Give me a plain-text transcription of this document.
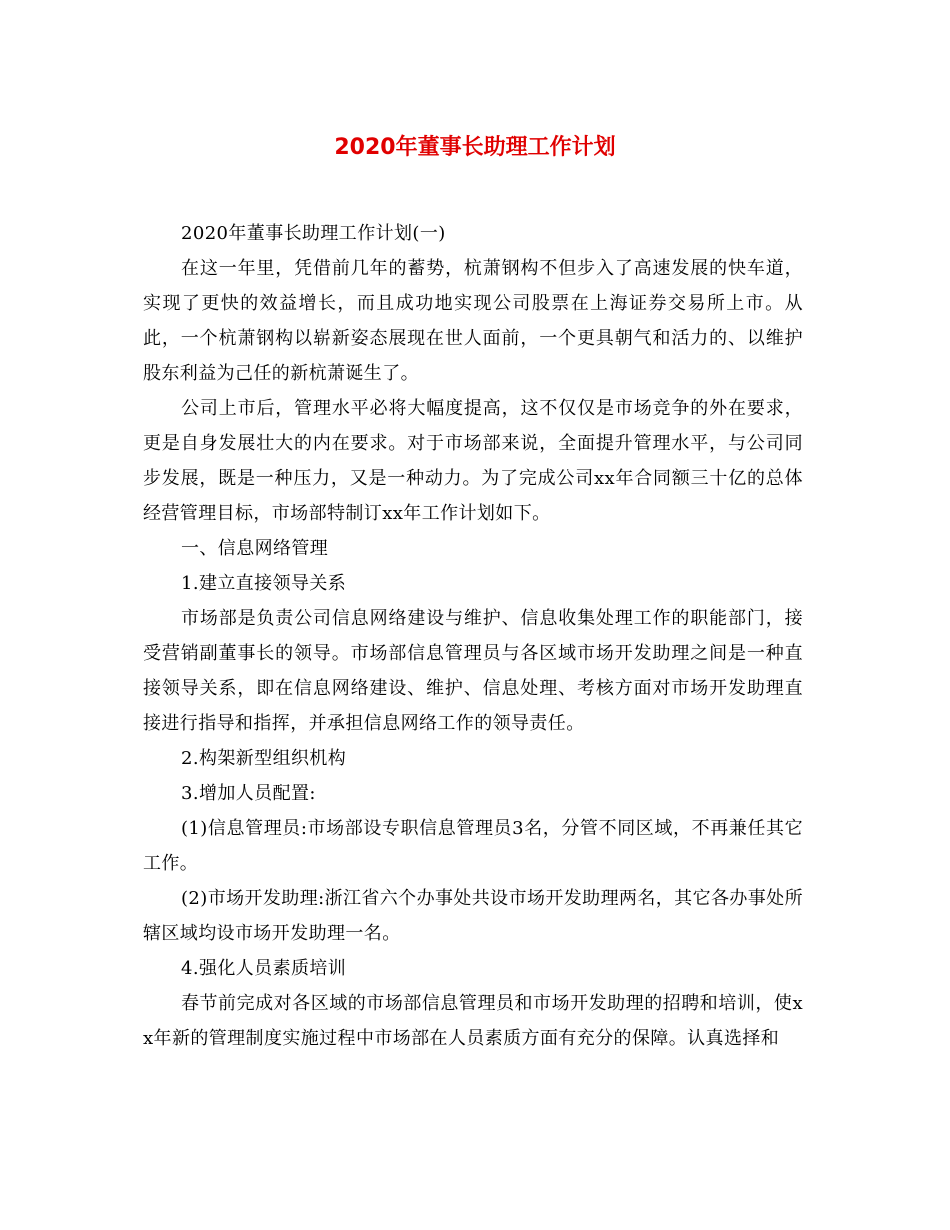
2020年董事长助理工作计划

2020年董事长助理工作计划(一)

在这一年里，凭借前几年的蓄势，杭萧钢构不但步入了高速发展的快车道，实现了更快的效益增长，而且成功地实现公司股票在上海证券交易所上市。从此，一个杭萧钢构以崭新姿态展现在世人面前，一个更具朝气和活力的、以维护股东利益为己任的新杭萧诞生了。

公司上市后，管理水平必将大幅度提高，这不仅仅是市场竞争的外在要求，更是自身发展壮大的内在要求。对于市场部来说，全面提升管理水平，与公司同步发展，既是一种压力，又是一种动力。为了完成公司xx年合同额三十亿的总体经营管理目标，市场部特制订xx年工作计划如下。

一、信息网络管理

1.建立直接领导关系

市场部是负责公司信息网络建设与维护、信息收集处理工作的职能部门，接受营销副董事长的领导。市场部信息管理员与各区域市场开发助理之间是一种直接领导关系，即在信息网络建设、维护、信息处理、考核方面对市场开发助理直接进行指导和指挥，并承担信息网络工作的领导责任。

2.构架新型组织机构

3.增加人员配置:

(1)信息管理员:市场部设专职信息管理员3名，分管不同区域，不再兼任其它工作。

(2)市场开发助理:浙江省六个办事处共设市场开发助理两名，其它各办事处所辖区域均设市场开发助理一名。

4.强化人员素质培训

春节前完成对各区域的市场部信息管理员和市场开发助理的招聘和培训，使xx年新的管理制度实施过程中市场部在人员素质方面有充分的保障。认真选择和
